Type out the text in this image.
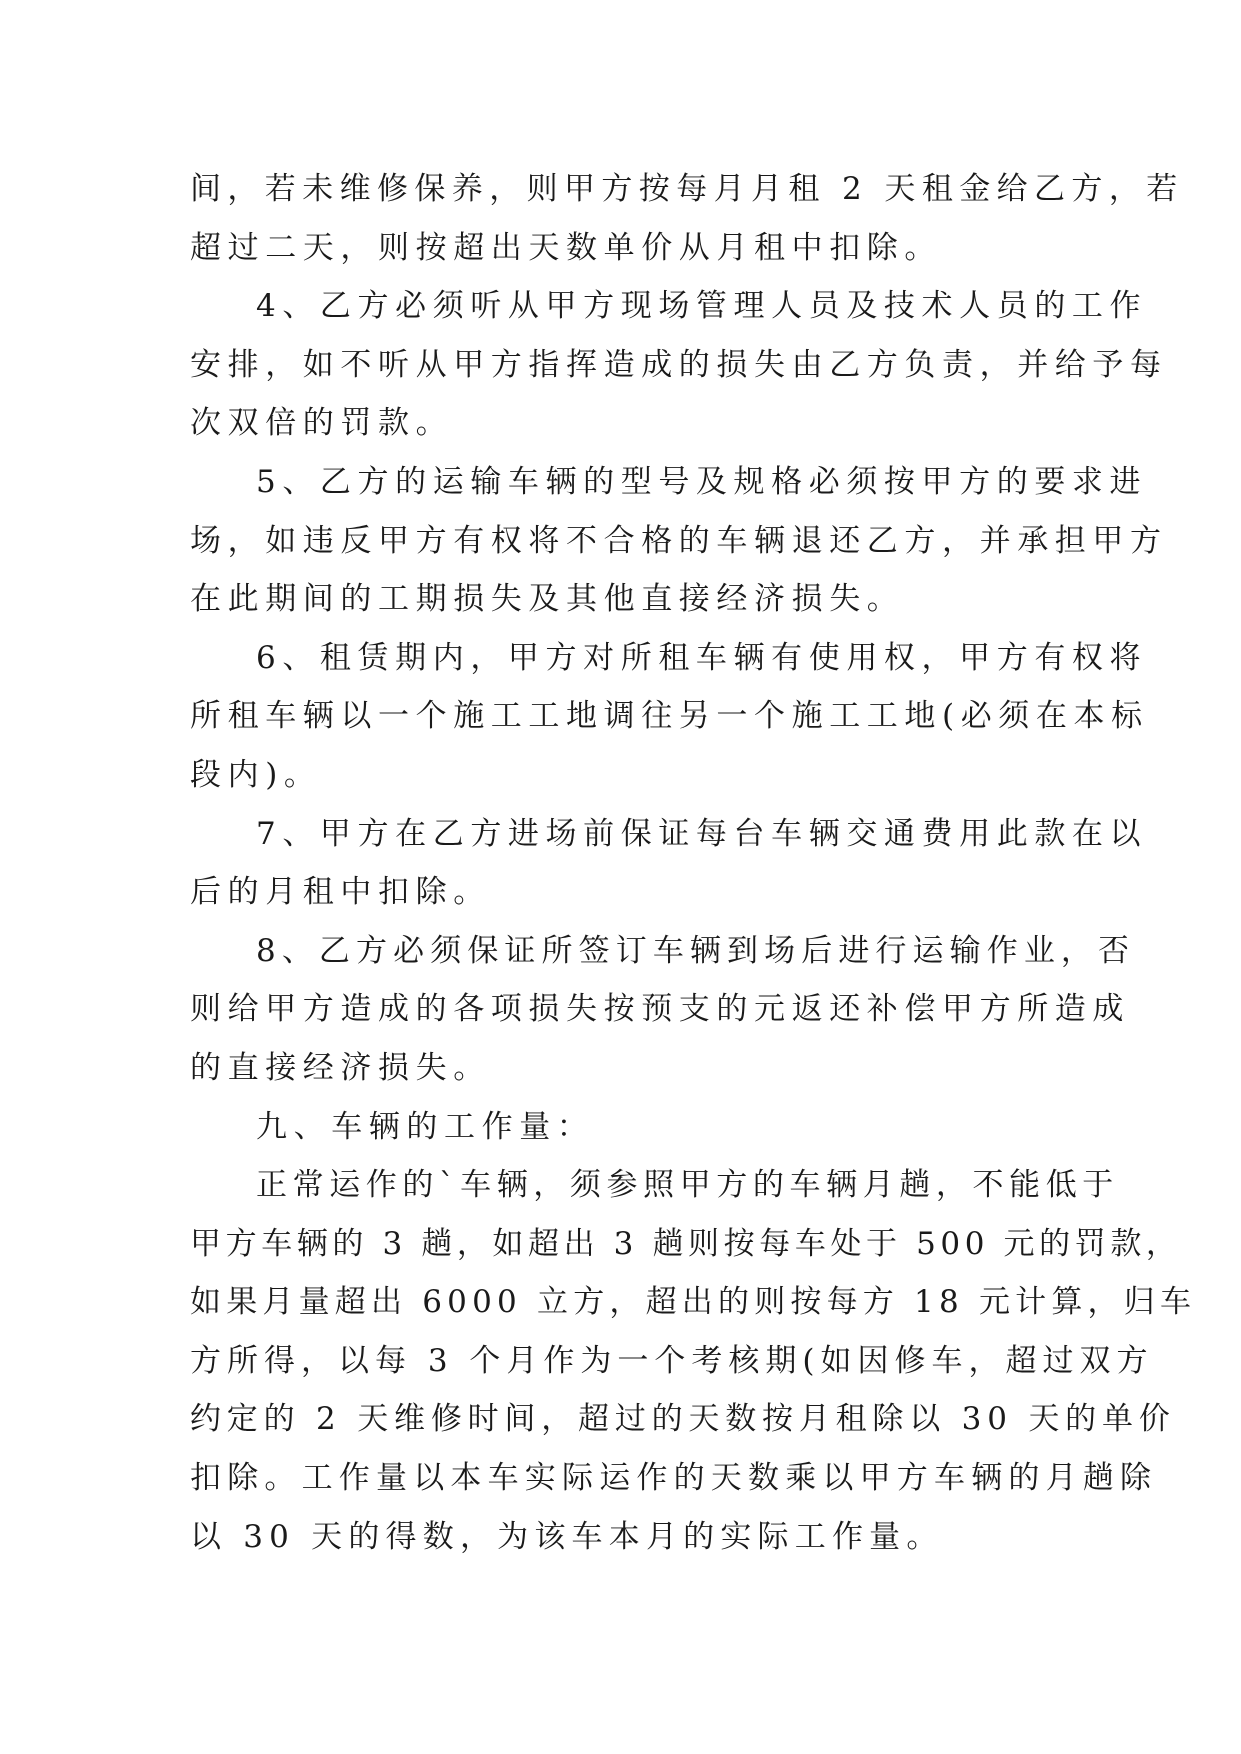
间，若未维修保养，则甲方按每月月租 2 天租金给乙方，若
超过二天，则按超出天数单价从月租中扣除。
4、乙方必须听从甲方现场管理人员及技术人员的工作
安排，如不听从甲方指挥造成的损失由乙方负责，并给予每
次双倍的罚款。
5、乙方的运输车辆的型号及规格必须按甲方的要求进
场，如违反甲方有权将不合格的车辆退还乙方，并承担甲方
在此期间的工期损失及其他直接经济损失。
6、租赁期内，甲方对所租车辆有使用权，甲方有权将
所租车辆以一个施工工地调往另一个施工工地(必须在本标
段内)。
7、甲方在乙方进场前保证每台车辆交通费用此款在以
后的月租中扣除。
8、乙方必须保证所签订车辆到场后进行运输作业，否
则给甲方造成的各项损失按预支的元返还补偿甲方所造成
的直接经济损失。
九、车辆的工作量：
正常运作的`车辆，须参照甲方的车辆月趟，不能低于
甲方车辆的 3 趟，如超出 3 趟则按每车处于 500 元的罚款，
如果月量超出 6000 立方，超出的则按每方 18 元计算，归车
方所得，以每 3 个月作为一个考核期(如因修车，超过双方
约定的 2 天维修时间，超过的天数按月租除以 30 天的单价
扣除。工作量以本车实际运作的天数乘以甲方车辆的月趟除
以 30 天的得数，为该车本月的实际工作量。
